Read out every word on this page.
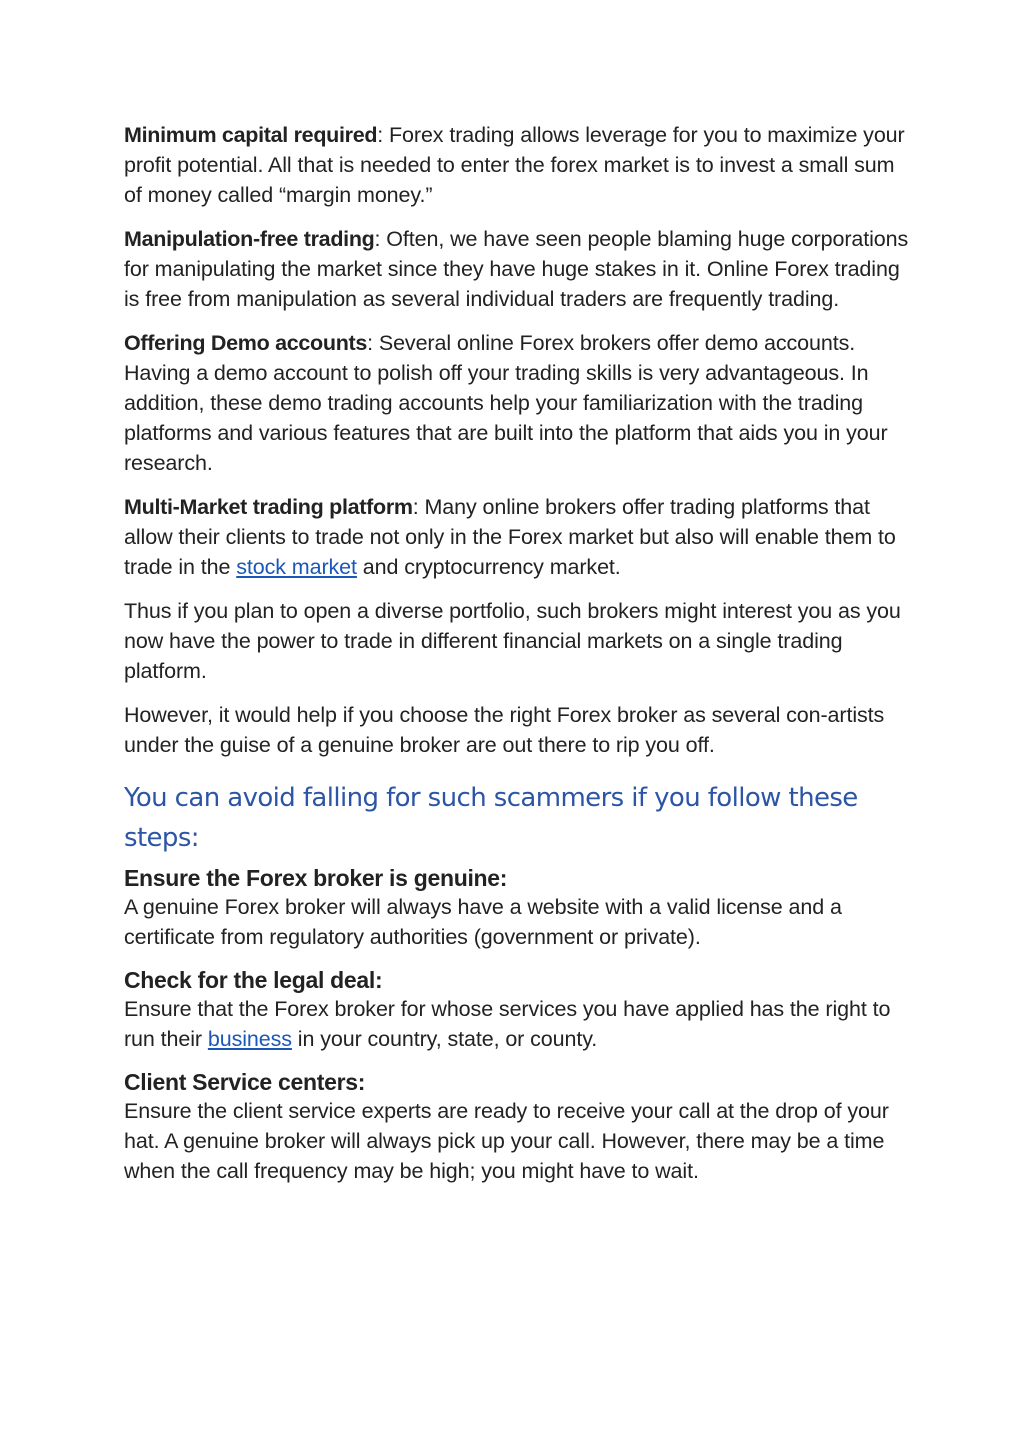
Minimum capital required: Forex trading allows leverage for you to maximize your profit potential. All that is needed to enter the forex market is to invest a small sum of money called “margin money.”

Manipulation-free trading: Often, we have seen people blaming huge corporations for manipulating the market since they have huge stakes in it. Online Forex trading is free from manipulation as several individual traders are frequently trading.

Offering Demo accounts: Several online Forex brokers offer demo accounts. Having a demo account to polish off your trading skills is very advantageous. In addition, these demo trading accounts help your familiarization with the trading platforms and various features that are built into the platform that aids you in your research.

Multi-Market trading platform: Many online brokers offer trading platforms that allow their clients to trade not only in the Forex market but also will enable them to trade in the stock market and cryptocurrency market.

Thus if you plan to open a diverse portfolio, such brokers might interest you as you now have the power to trade in different financial markets on a single trading platform.

However, it would help if you choose the right Forex broker as several con-artists under the guise of a genuine broker are out there to rip you off.

You can avoid falling for such scammers if you follow these steps:
Ensure the Forex broker is genuine:

A genuine Forex broker will always have a website with a valid license and a certificate from regulatory authorities (government or private).

Check for the legal deal:

Ensure that the Forex broker for whose services you have applied has the right to run their business in your country, state, or county.

Client Service centers:

Ensure the client service experts are ready to receive your call at the drop of your hat. A genuine broker will always pick up your call. However, there may be a time when the call frequency may be high; you might have to wait.
